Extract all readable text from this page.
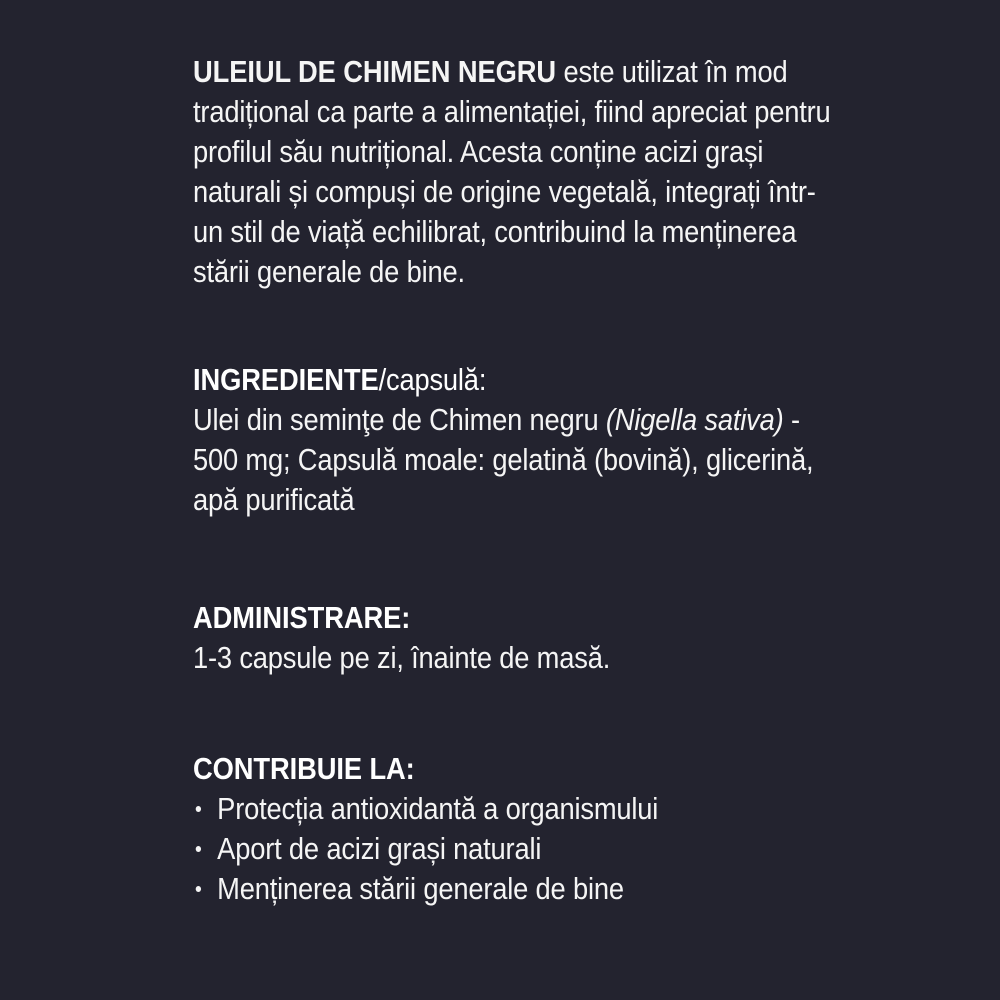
ULEIUL DE CHIMEN NEGRU este utilizat în mod tradițional ca parte a alimentației, fiind apreciat pentru profilul său nutrițional. Acesta conține acizi grași naturali și compuși de origine vegetală, integrați într-un stil de viață echilibrat, contribuind la menținerea stării generale de bine.

INGREDIENTE/capsulă:

Ulei din seminţe de Chimen negru (Nigella sativa) - 500 mg; Capsulă moale: gelatină (bovină), glicerină, apă purificată

ADMINISTRARE:

1-3 capsule pe zi, înainte de masă.

CONTRIBUIE LA:

Protecția antioxidantă a organismului
Aport de acizi grași naturali
Menținerea stării generale de bine
